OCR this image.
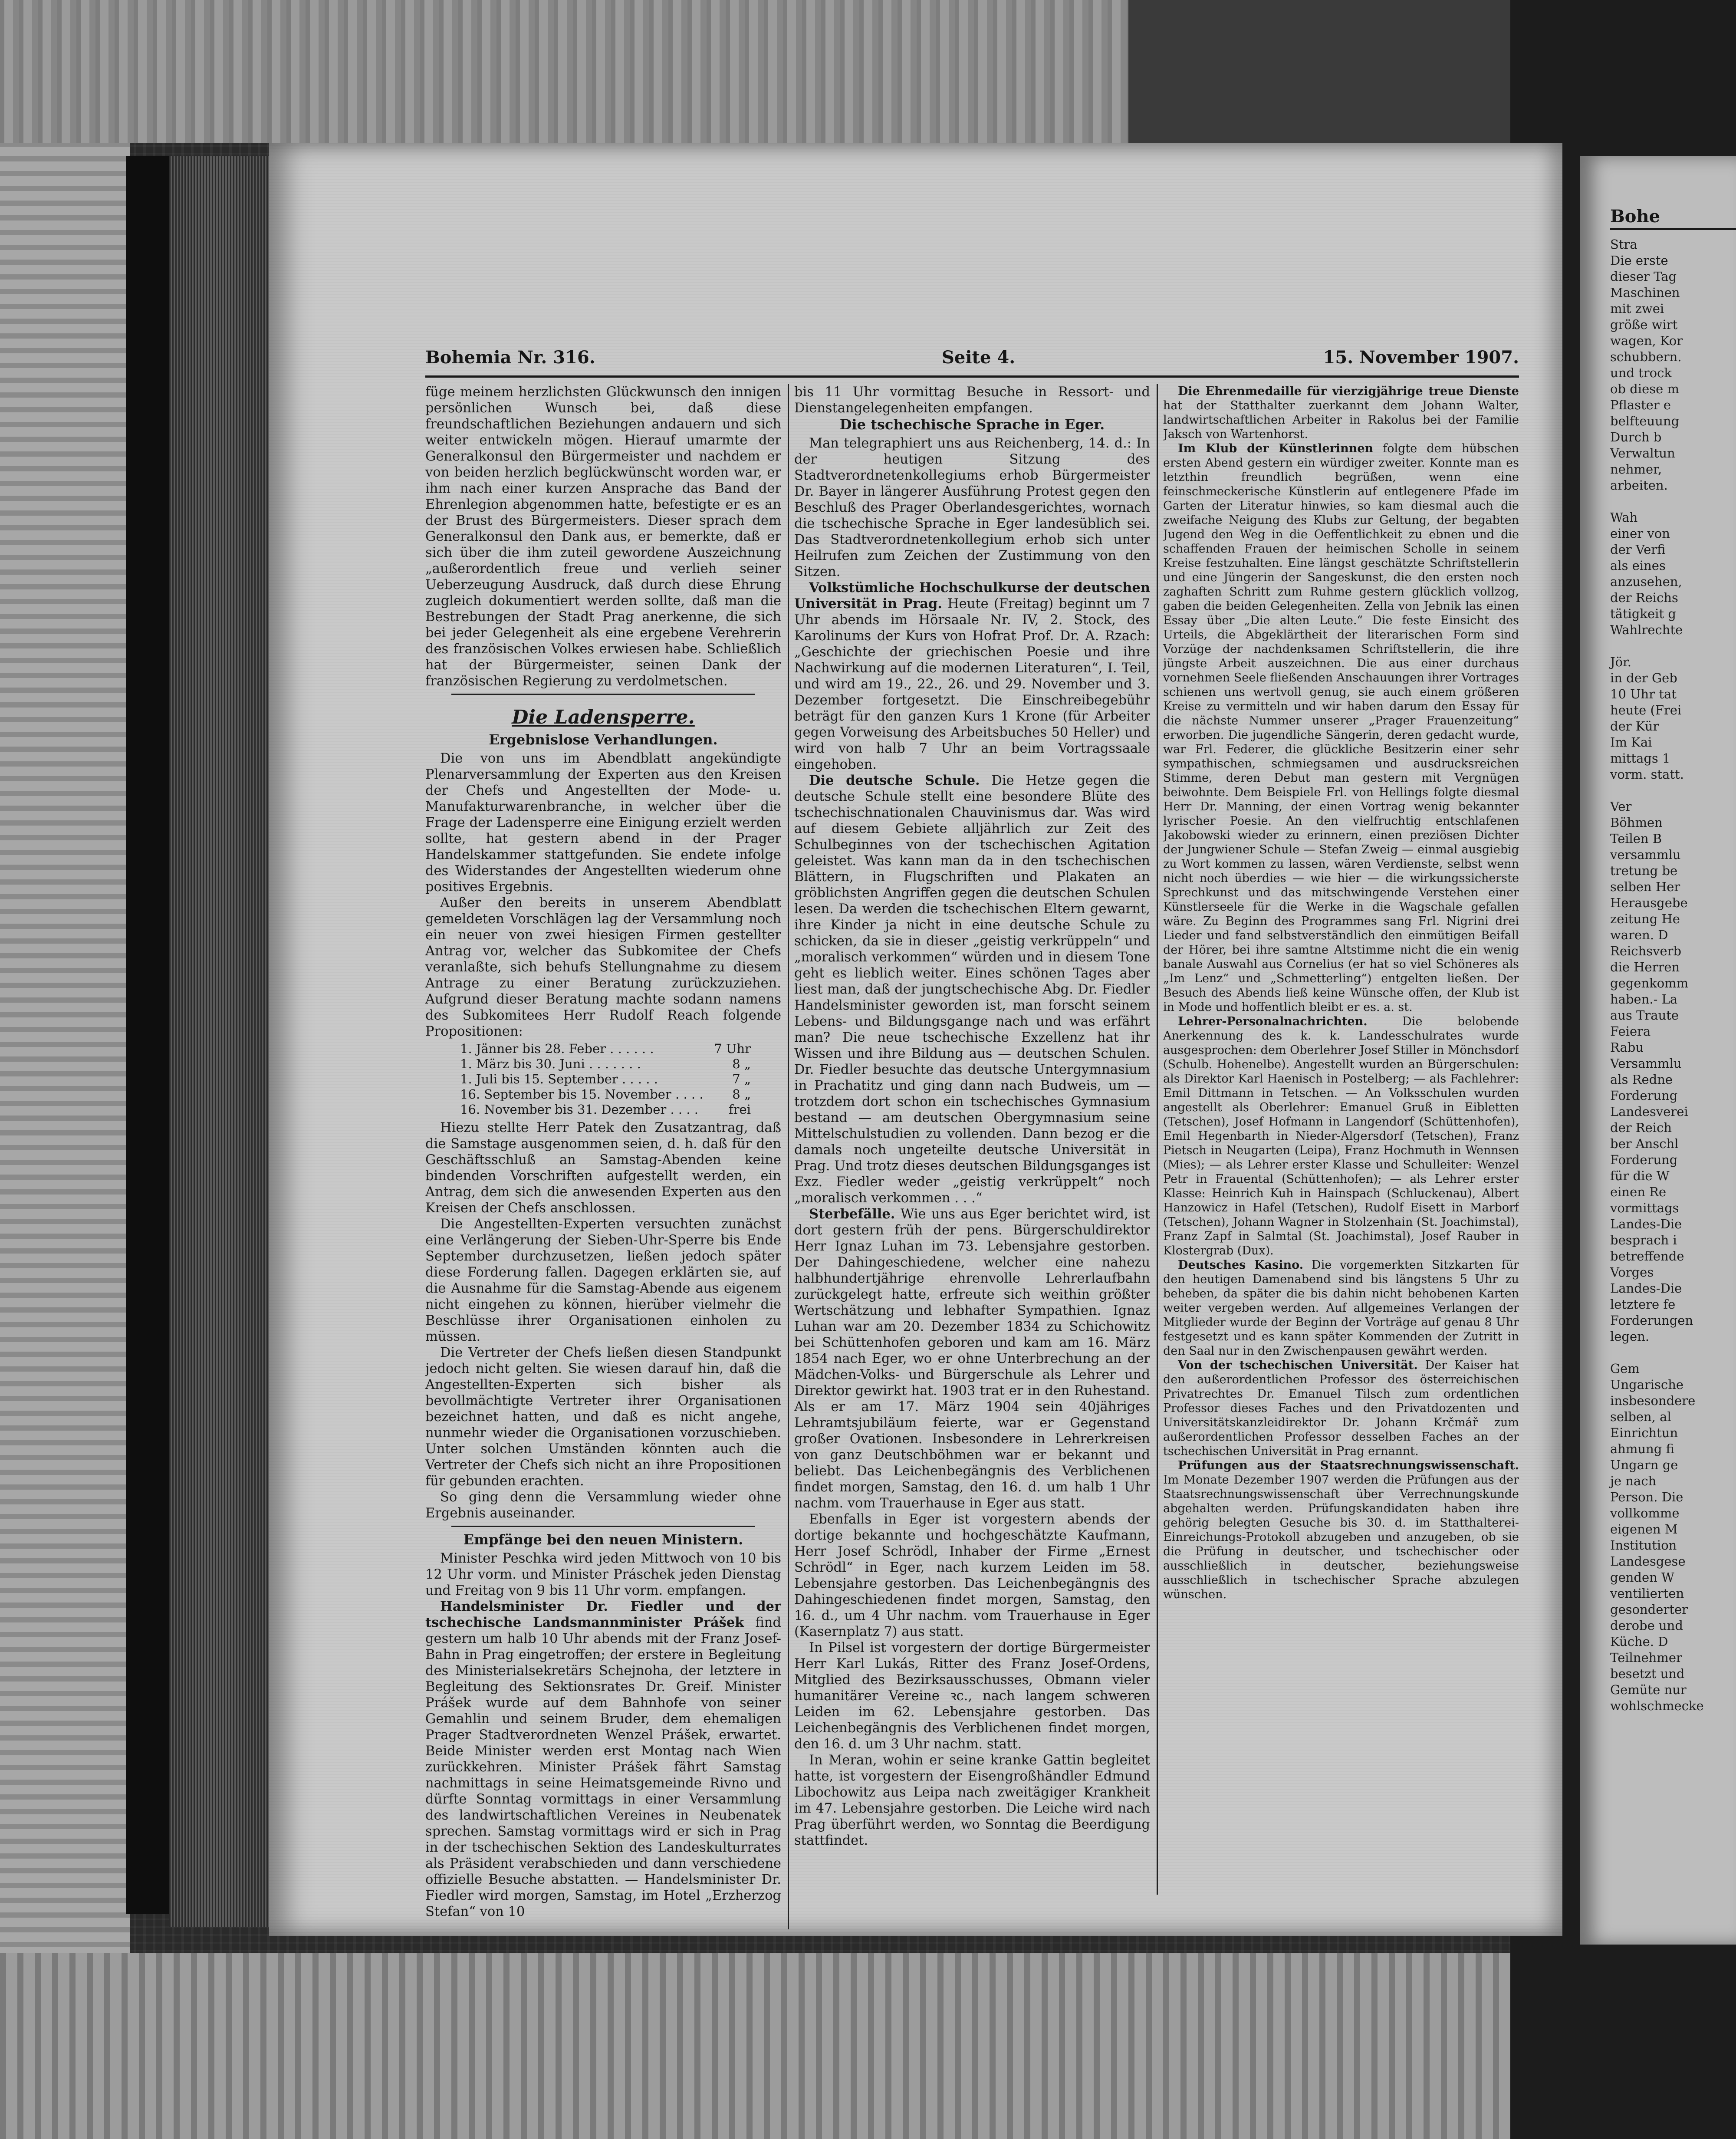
Bohe
Stra
Die erste
dieser Tag
Maschinen
mit zwei
größe wirt
wagen, Kor
schubbern.
und trock
ob diese m
Pflaster e
belfteuung
Durch b
Verwaltun
nehmer,
arbeiten.

Wah
einer von
der Verfi
als eines
anzusehen,
der Reichs
tätigkeit g
Wahlrechte

Jör.
in der Geb
10 Uhr tat
heute (Frei
der Kür
Im Kai
mittags 1
vorm. statt.

Ver
Böhmen
Teilen B
versammlu
tretung be
selben Her
Herausgebe
zeitung He
waren. D
Reichsverb
die Herren
gegenkomm
haben.- La
aus Traute
Feiera
Rabu
Versammlu
als Redne
Forderung
Landesverei
der Reich
ber Anschl
Forderung
für die W
einen Re
vormittags
Landes-Die
besprach i
betreffende
Vorges
Landes-Die
letztere fe
Forderungen
legen.

Gem
Ungarische
insbesondere
selben, al
Einrichtun
ahmung fi
Ungarn ge
je nach
Person. Die
vollkomme
eigenen M
Institution
Landesgese
genden W
ventilierten
gesonderter
derobe und
Küche. D
Teilnehmer
besetzt und
Gemüte nur
wohlschmecke
Bohemia Nr. 316.	Seite 4.	15. November 1907.

füge meinem herzlichsten Glückwunsch den innigen persönlichen Wunsch bei, daß diese freundschaftlichen Beziehungen andauern und sich weiter entwickeln mögen. Hierauf umarmte der Generalkonsul den Bürgermeister und nachdem er von beiden herzlich beglückwünscht worden war, er ihm nach einer kurzen Ansprache das Band der Ehrenlegion abgenommen hatte, befestigte er es an der Brust des Bürgermeisters. Dieser sprach dem Generalkonsul den Dank aus, er bemerkte, daß er sich über die ihm zuteil gewordene Auszeichnung „außerordentlich freue und verlieh seiner Ueberzeugung Ausdruck, daß durch diese Ehrung zugleich dokumentiert werden sollte, daß man die Bestrebungen der Stadt Prag anerkenne, die sich bei jeder Gelegenheit als eine ergebene Verehrerin des französischen Volkes erwiesen habe. Schließlich hat der Bürgermeister, seinen Dank der französischen Regierung zu verdolmetschen.

Die Ladensperre.
Ergebnislose Verhandlungen.

Die von uns im Abendblatt angekündigte Plenarversammlung der Experten aus den Kreisen der Chefs und Angestellten der Mode- u. Manufakturwarenbranche, in welcher über die Frage der Ladensperre eine Einigung erzielt werden sollte, hat gestern abend in der Prager Handelskammer stattgefunden. Sie endete infolge des Widerstandes der Angestellten wiederum ohne positives Ergebnis.

Außer den bereits in unserem Abendblatt gemeldeten Vorschlägen lag der Versammlung noch ein neuer von zwei hiesigen Firmen gestellter Antrag vor, welcher das Subkomitee der Chefs veranlaßte, sich behufs Stellungnahme zu diesem Antrage zu einer Beratung zurückzuziehen. Aufgrund dieser Beratung machte sodann namens des Subkomitees Herr Rudolf Reach folgende Propositionen:

1. Jänner bis 28. Feber . . . . . .	7 Uhr
1. März bis 30. Juni . . . . . . .	8 „
1. Juli bis 15. September . . . . .	7 „
16. September bis 15. November . . . . 8 „
16. November bis 31. Dezember . . . . frei

Hiezu stellte Herr Patek den Zusatzantrag, daß die Samstage ausgenommen seien, d. h. daß für den Geschäftsschluß an Samstag-Abenden keine bindenden Vorschriften aufgestellt werden, ein Antrag, dem sich die anwesenden Experten aus den Kreisen der Chefs anschlossen.

Die Angestellten-Experten versuchten zunächst eine Verlängerung der Sieben-Uhr-Sperre bis Ende September durchzusetzen, ließen jedoch später diese Forderung fallen. Dagegen erklärten sie, auf die Ausnahme für die Samstag-Abende aus eigenem nicht eingehen zu können, hierüber vielmehr die Beschlüsse ihrer Organisationen einholen zu müssen.

Die Vertreter der Chefs ließen diesen Standpunkt jedoch nicht gelten. Sie wiesen darauf hin, daß die Angestellten-Experten sich bisher als bevollmächtigte Vertreter ihrer Organisationen bezeichnet hatten, und daß es nicht angehe, nunmehr wieder die Organisationen vorzuschieben. Unter solchen Umständen könnten auch die Vertreter der Chefs sich nicht an ihre Propositionen für gebunden erachten.

So ging denn die Versammlung wieder ohne Ergebnis auseinander.

Empfänge bei den neuen Ministern.

Minister Peschka wird jeden Mittwoch von 10 bis 12 Uhr vorm. und Minister Práschek jeden Dienstag und Freitag von 9 bis 11 Uhr vorm. empfangen.

Handelsminister Dr. Fiedler und der tschechische Landsmannminister Prášek find gestern um halb 10 Uhr abends mit der Franz Josef-Bahn in Prag eingetroffen; der erstere in Begleitung des Ministerialsekretärs Schejnoha, der letztere in Begleitung des Sektionsrates Dr. Greif. Minister Prášek wurde auf dem Bahnhofe von seiner Gemahlin und seinem Bruder, dem ehemaligen Prager Stadtverordneten Wenzel Prášek, erwartet. Beide Minister werden erst Montag nach Wien zurückkehren. Minister Prášek fährt Samstag nachmittags in seine Heimatsgemeinde Rivno und dürfte Sonntag vormittags in einer Versammlung des landwirtschaftlichen Vereines in Neubenatek sprechen. Samstag vormittags wird er sich in Prag in der tschechischen Sektion des Landeskulturrates als Präsident verabschieden und dann verschiedene offizielle Besuche abstatten. — Handelsminister Dr. Fiedler wird morgen, Samstag, im Hotel „Erzherzog Stefan“ von 10

bis 11 Uhr vormittag Besuche in Ressort- und Dienstangelegenheiten empfangen.

Die tschechische Sprache in Eger.

Man telegraphiert uns aus Reichenberg, 14. d.: In der heutigen Sitzung des Stadtverordnetenkollegiums erhob Bürgermeister Dr. Bayer in längerer Ausführung Protest gegen den Beschluß des Prager Oberlandesgerichtes, wornach die tschechische Sprache in Eger landesüblich sei. Das Stadtverordnetenkollegium erhob sich unter Heilrufen zum Zeichen der Zustimmung von den Sitzen.

Volkstümliche Hochschulkurse der deutschen Universität in Prag. Heute (Freitag) beginnt um 7 Uhr abends im Hörsaale Nr. IV, 2. Stock, des Karolinums der Kurs von Hofrat Prof. Dr. A. Rzach: „Geschichte der griechischen Poesie und ihre Nachwirkung auf die modernen Literaturen“, I. Teil, und wird am 19., 22., 26. und 29. November und 3. Dezember fortgesetzt. Die Einschreibegebühr beträgt für den ganzen Kurs 1 Krone (für Arbeiter gegen Vorweisung des Arbeitsbuches 50 Heller) und wird von halb 7 Uhr an beim Vortragssaale eingehoben.

Die deutsche Schule. Die Hetze gegen die deutsche Schule stellt eine besondere Blüte des tschechischnationalen Chauvinismus dar. Was wird auf diesem Gebiete alljährlich zur Zeit des Schulbeginnes von der tschechischen Agitation geleistet. Was kann man da in den tschechischen Blättern, in Flugschriften und Plakaten an gröblichsten Angriffen gegen die deutschen Schulen lesen. Da werden die tschechischen Eltern gewarnt, ihre Kinder ja nicht in eine deutsche Schule zu schicken, da sie in dieser „geistig verkrüppeln“ und „moralisch verkommen“ würden und in diesem Tone geht es lieblich weiter. Eines schönen Tages aber liest man, daß der jungtschechische Abg. Dr. Fiedler Handelsminister geworden ist, man forscht seinem Lebens- und Bildungsgange nach und was erfährt man? Die neue tschechische Exzellenz hat ihr Wissen und ihre Bildung aus — deutschen Schulen. Dr. Fiedler besuchte das deutsche Untergymnasium in Prachatitz und ging dann nach Budweis, um — trotzdem dort schon ein tschechisches Gymnasium bestand — am deutschen Obergymnasium seine Mittelschulstudien zu vollenden. Dann bezog er die damals noch ungeteilte deutsche Universität in Prag. Und trotz dieses deutschen Bildungsganges ist Exz. Fiedler weder „geistig verkrüppelt“ noch „moralisch verkommen . . .“

Sterbefälle. Wie uns aus Eger berichtet wird, ist dort gestern früh der pens. Bürgerschuldirektor Herr Ignaz Luhan im 73. Lebensjahre gestorben. Der Dahingeschiedene, welcher eine nahezu halbhundertjährige ehrenvolle Lehrerlaufbahn zurückgelegt hatte, erfreute sich weithin größter Wertschätzung und lebhafter Sympathien. Ignaz Luhan war am 20. Dezember 1834 zu Schichowitz bei Schüttenhofen geboren und kam am 16. März 1854 nach Eger, wo er ohne Unterbrechung an der Mädchen-Volks- und Bürgerschule als Lehrer und Direktor gewirkt hat. 1903 trat er in den Ruhestand. Als er am 17. März 1904 sein 40jähriges Lehramtsjubiläum feierte, war er Gegenstand großer Ovationen. Insbesondere in Lehrerkreisen von ganz Deutschböhmen war er bekannt und beliebt. Das Leichenbegängnis des Verblichenen findet morgen, Samstag, den 16. d. um halb 1 Uhr nachm. vom Trauerhause in Eger aus statt.

Ebenfalls in Eger ist vorgestern abends der dortige bekannte und hochgeschätzte Kaufmann, Herr Josef Schrödl, Inhaber der Firme „Ernest Schrödl“ in Eger, nach kurzem Leiden im 58. Lebensjahre gestorben. Das Leichenbegängnis des Dahingeschiedenen findet morgen, Samstag, den 16. d., um 4 Uhr nachm. vom Trauerhause in Eger (Kasernplatz 7) aus statt.

In Pilsel ist vorgestern der dortige Bürgermeister Herr Karl Lukás, Ritter des Franz Josef-Ordens, Mitglied des Bezirksausschusses, Obmann vieler humanitärer Vereine ꝛc., nach langem schweren Leiden im 62. Lebensjahre gestorben. Das Leichenbegängnis des Verblichenen findet morgen, den 16. d. um 3 Uhr nachm. statt.

In Meran, wohin er seine kranke Gattin begleitet hatte, ist vorgestern der Eisengroßhändler Edmund Libochowitz aus Leipa nach zweitägiger Krankheit im 47. Lebensjahre gestorben. Die Leiche wird nach Prag überführt werden, wo Sonntag die Beerdigung stattfindet.

Die Ehrenmedaille für vierzigjährige treue Dienste hat der Statthalter zuerkannt dem Johann Walter, landwirtschaftlichen Arbeiter in Rakolus bei der Familie Jaksch von Wartenhorst.

Im Klub der Künstlerinnen folgte dem hübschen ersten Abend gestern ein würdiger zweiter. Konnte man es letzthin freundlich begrüßen, wenn eine feinschmeckerische Künstlerin auf entlegenere Pfade im Garten der Literatur hinwies, so kam diesmal auch die zweifache Neigung des Klubs zur Geltung, der begabten Jugend den Weg in die Oeffentlichkeit zu ebnen und die schaffenden Frauen der heimischen Scholle in seinem Kreise festzuhalten. Eine längst geschätzte Schriftstellerin und eine Jüngerin der Sangeskunst, die den ersten noch zaghaften Schritt zum Ruhme gestern glücklich vollzog, gaben die beiden Gelegenheiten. Zella von Jebnik las einen Essay über „Die alten Leute.“ Die feste Einsicht des Urteils, die Abgeklärtheit der literarischen Form sind Vorzüge der nachdenksamen Schriftstellerin, die ihre jüngste Arbeit auszeichnen. Die aus einer durchaus vornehmen Seele fließenden Anschauungen ihrer Vortrages schienen uns wertvoll genug, sie auch einem größeren Kreise zu vermitteln und wir haben darum den Essay für die nächste Nummer unserer „Prager Frauenzeitung“ erworben. Die jugendliche Sängerin, deren gedacht wurde, war Frl. Federer, die glückliche Besitzerin einer sehr sympathischen, schmiegsamen und ausdrucksreichen Stimme, deren Debut man gestern mit Vergnügen beiwohnte. Dem Beispiele Frl. von Hellings folgte diesmal Herr Dr. Manning, der einen Vortrag wenig bekannter lyrischer Poesie. An den vielfruchtig entschlafenen Jakobowski wieder zu erinnern, einen preziösen Dichter der Jungwiener Schule — Stefan Zweig — einmal ausgiebig zu Wort kommen zu lassen, wären Verdienste, selbst wenn nicht noch überdies — wie hier — die wirkungssicherste Sprechkunst und das mitschwingende Verstehen einer Künstlerseele für die Werke in die Wagschale gefallen wäre. Zu Beginn des Programmes sang Frl. Nigrini drei Lieder und fand selbstverständlich den einmütigen Beifall der Hörer, bei ihre samtne Altstimme nicht die ein wenig banale Auswahl aus Cornelius (er hat so viel Schöneres als „Im Lenz“ und „Schmetterling“) entgelten ließen. Der Besuch des Abends ließ keine Wünsche offen, der Klub ist in Mode und hoffentlich bleibt er es. a. st.

Lehrer-Personalnachrichten.	Die belobende Anerkennung des k. k. Landesschulrates wurde ausgesprochen: dem Oberlehrer Josef Stiller in Mönchsdorf (Schulb. Hohenelbe). Angestellt wurden an Bürgerschulen: als Direktor Karl Haenisch in Postelberg; — als Fachlehrer: Emil Dittmann in Tetschen. — An Volksschulen wurden angestellt als Oberlehrer: Emanuel Gruß in Eibletten (Tetschen), Josef Hofmann in Langendorf (Schüttenhofen), Emil Hegenbarth in Nieder-Algersdorf (Tetschen), Franz Pietsch in Neugarten (Leipa), Franz Hochmuth in Wennsen (Mies); — als Lehrer erster Klasse und Schulleiter: Wenzel Petr in Frauental (Schüttenhofen); — als Lehrer erster Klasse: Heinrich Kuh in Hainspach (Schluckenau), Albert Hanzowicz in Hafel (Tetschen), Rudolf Eisett in Marborf (Tetschen), Johann Wagner in Stolzenhain (St. Joachimstal), Franz Zapf in Salmtal (St. Joachimstal), Josef Rauber in Klostergrab (Dux).

Deutsches Kasino. Die vorgemerkten Sitzkarten für den heutigen Damenabend sind bis längstens 5 Uhr zu beheben, da später die bis dahin nicht behobenen Karten weiter vergeben werden. Auf allgemeines Verlangen der Mitglieder wurde der Beginn der Vorträge auf genau 8 Uhr festgesetzt und es kann später Kommenden der Zutritt in den Saal nur in den Zwischenpausen gewährt werden.

Von der tschechischen Universität. Der Kaiser hat den außerordentlichen Professor des österreichischen Privatrechtes Dr. Emanuel Tilsch zum ordentlichen Professor dieses Faches und den Privatdozenten und Universitätskanzleidirektor Dr. Johann Krčmář zum außerordentlichen Professor desselben Faches an der tschechischen Universität in Prag ernannt.

Prüfungen aus der Staatsrechnungswissenschaft. Im Monate Dezember 1907 werden die Prüfungen aus der Staatsrechnungswissenschaft über Verrechnungskunde abgehalten werden. Prüfungskandidaten haben ihre gehörig belegten Gesuche bis 30. d. im Statthalterei-Einreichungs-Protokoll abzugeben und anzugeben, ob sie die Prüfung in deutscher, und tschechischer oder ausschließlich in deutscher, beziehungsweise ausschließlich in tschechischer Sprache abzulegen wünschen.
